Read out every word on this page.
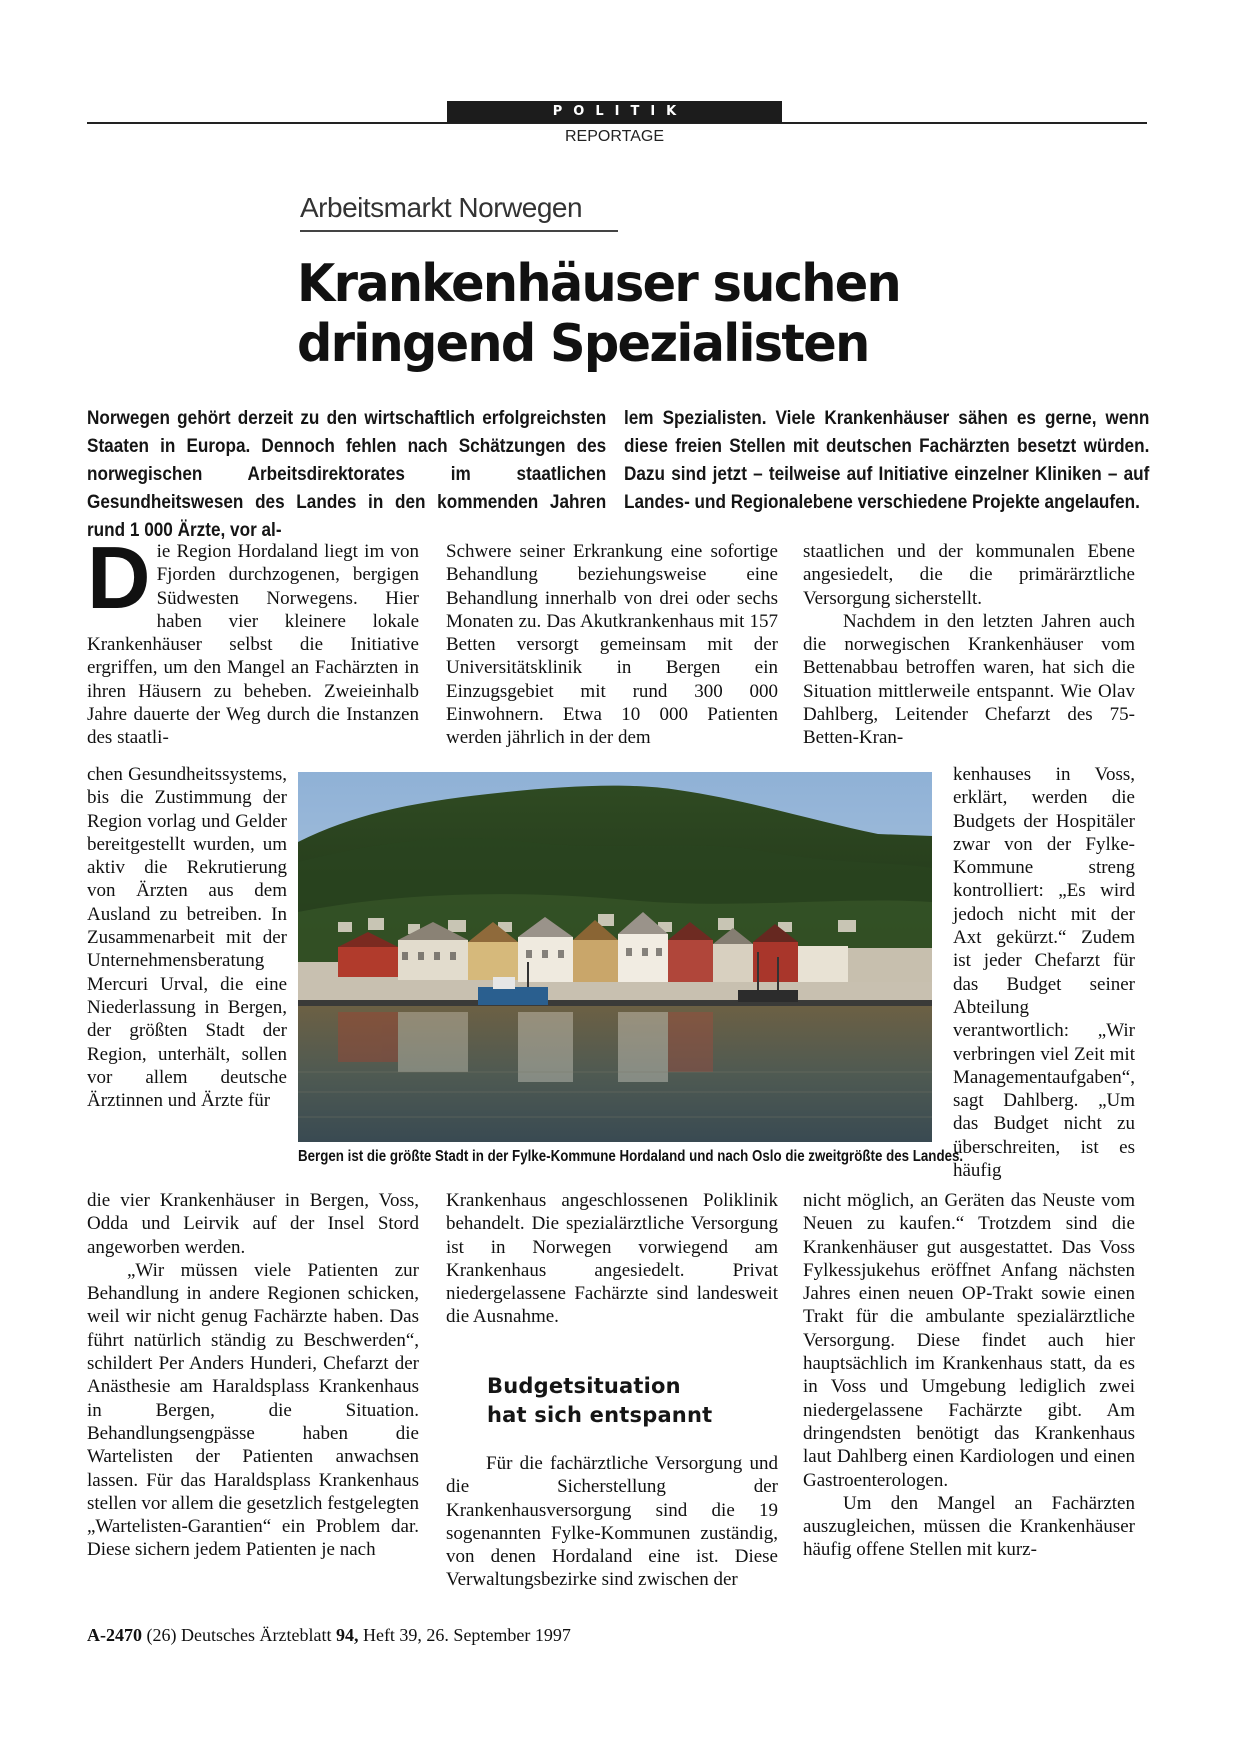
POLITIK
REPORTAGE
Arbeitsmarkt Norwegen
Krankenhäuser suchen
dringend Spezialisten
Norwegen gehört derzeit zu den wirtschaftlich erfolgreichsten Staaten in Europa. Dennoch fehlen nach Schätzungen des norwegischen Arbeitsdirektorates im staatlichen Gesundheitswesen des Landes in den kommenden Jahren rund 1 000 Ärzte, vor al-
lem Spezialisten. Viele Krankenhäuser sähen es gerne, wenn diese freien Stellen mit deutschen Fachärzten besetzt würden. Dazu sind jetzt – teilweise auf Initiative einzelner Kliniken – auf Landes- und Regionalebene verschiedene Projekte angelaufen.

Die Region Hordaland liegt im von Fjorden durchzogenen, bergigen Südwesten Norwegens. Hier haben vier kleinere lokale Krankenhäuser selbst die Initiative ergriffen, um den Mangel an Fachärzten in ihren Häusern zu beheben. Zweieinhalb Jahre dauerte der Weg durch die Instanzen des staatli-

chen Gesundheitssystems, bis die Zustimmung der Region vorlag und Gelder bereitgestellt wurden, um aktiv die Rekrutierung von Ärzten aus dem Ausland zu betreiben. In Zusammenarbeit mit der Unternehmensberatung Mercuri Urval, die eine Niederlassung in Bergen, der größten Stadt der Region, unterhält, sollen vor allem deutsche Ärztinnen und Ärzte für

die vier Krankenhäuser in Bergen, Voss, Odda und Leirvik auf der Insel Stord angeworben werden.

„Wir müssen viele Patienten zur Behandlung in andere Regionen schicken, weil wir nicht genug Fachärzte haben. Das führt natürlich ständig zu Beschwerden“, schildert Per Anders Hunderi, Chefarzt der Anästhesie am Haraldsplass Krankenhaus in Bergen, die Situation. Behandlungsengpässe haben die Wartelisten der Patienten anwachsen lassen. Für das Haraldsplass Krankenhaus stellen vor allem die gesetzlich festgelegten „Wartelisten-Garantien“ ein Problem dar. Diese sichern jedem Patienten je nach

Schwere seiner Erkrankung eine sofortige Behandlung beziehungsweise eine Behandlung innerhalb von drei oder sechs Monaten zu. Das Akutkrankenhaus mit 157 Betten versorgt gemeinsam mit der Universitätsklinik in Bergen ein Einzugsgebiet mit rund 300 000 Einwohnern. Etwa 10 000 Patienten werden jährlich in der dem

Krankenhaus angeschlossenen Poliklinik behandelt. Die spezialärztliche Versorgung ist in Norwegen vorwiegend am Krankenhaus angesiedelt. Privat niedergelassene Fachärzte sind landesweit die Ausnahme.

Budgetsituation
hat sich entspannt

Für die fachärztliche Versorgung und die Sicherstellung der Krankenhausversorgung sind die 19 sogenannten Fylke-Kommunen zuständig, von denen Hordaland eine ist. Diese Verwaltungsbezirke sind zwischen der

staatlichen und der kommunalen Ebene angesiedelt, die die primärärztliche Versorgung sicherstellt.

Nachdem in den letzten Jahren auch die norwegischen Krankenhäuser vom Bettenabbau betroffen waren, hat sich die Situation mittlerweile entspannt. Wie Olav Dahlberg, Leitender Chefarzt des 75-Betten-Kran-

kenhauses in Voss, erklärt, werden die Budgets der Hospitäler zwar von der Fylke-Kommune streng kontrolliert: „Es wird jedoch nicht mit der Axt gekürzt.“ Zudem ist jeder Chefarzt für das Budget seiner Abteilung verantwortlich: „Wir verbringen viel Zeit mit Managementaufgaben“, sagt Dahlberg. „Um das Budget nicht zu überschreiten, ist es häufig

nicht möglich, an Geräten das Neuste vom Neuen zu kaufen.“ Trotzdem sind die Krankenhäuser gut ausgestattet. Das Voss Fylkessjukehus eröffnet Anfang nächsten Jahres einen neuen OP-Trakt sowie einen Trakt für die ambulante spezialärztliche Versorgung. Diese findet auch hier hauptsächlich im Krankenhaus statt, da es in Voss und Umgebung lediglich zwei niedergelassene Fachärzte gibt. Am dringendsten benötigt das Krankenhaus laut Dahlberg einen Kardiologen und einen Gastroenterologen.

Um den Mangel an Fachärzten auszugleichen, müssen die Krankenhäuser häufig offene Stellen mit kurz-

Bergen ist die größte Stadt in der Fylke-Kommune Hordaland und nach Oslo die zweitgrößte des Landes.
A-2470 (26) Deutsches Ärzteblatt 94, Heft 39, 26. September 1997
